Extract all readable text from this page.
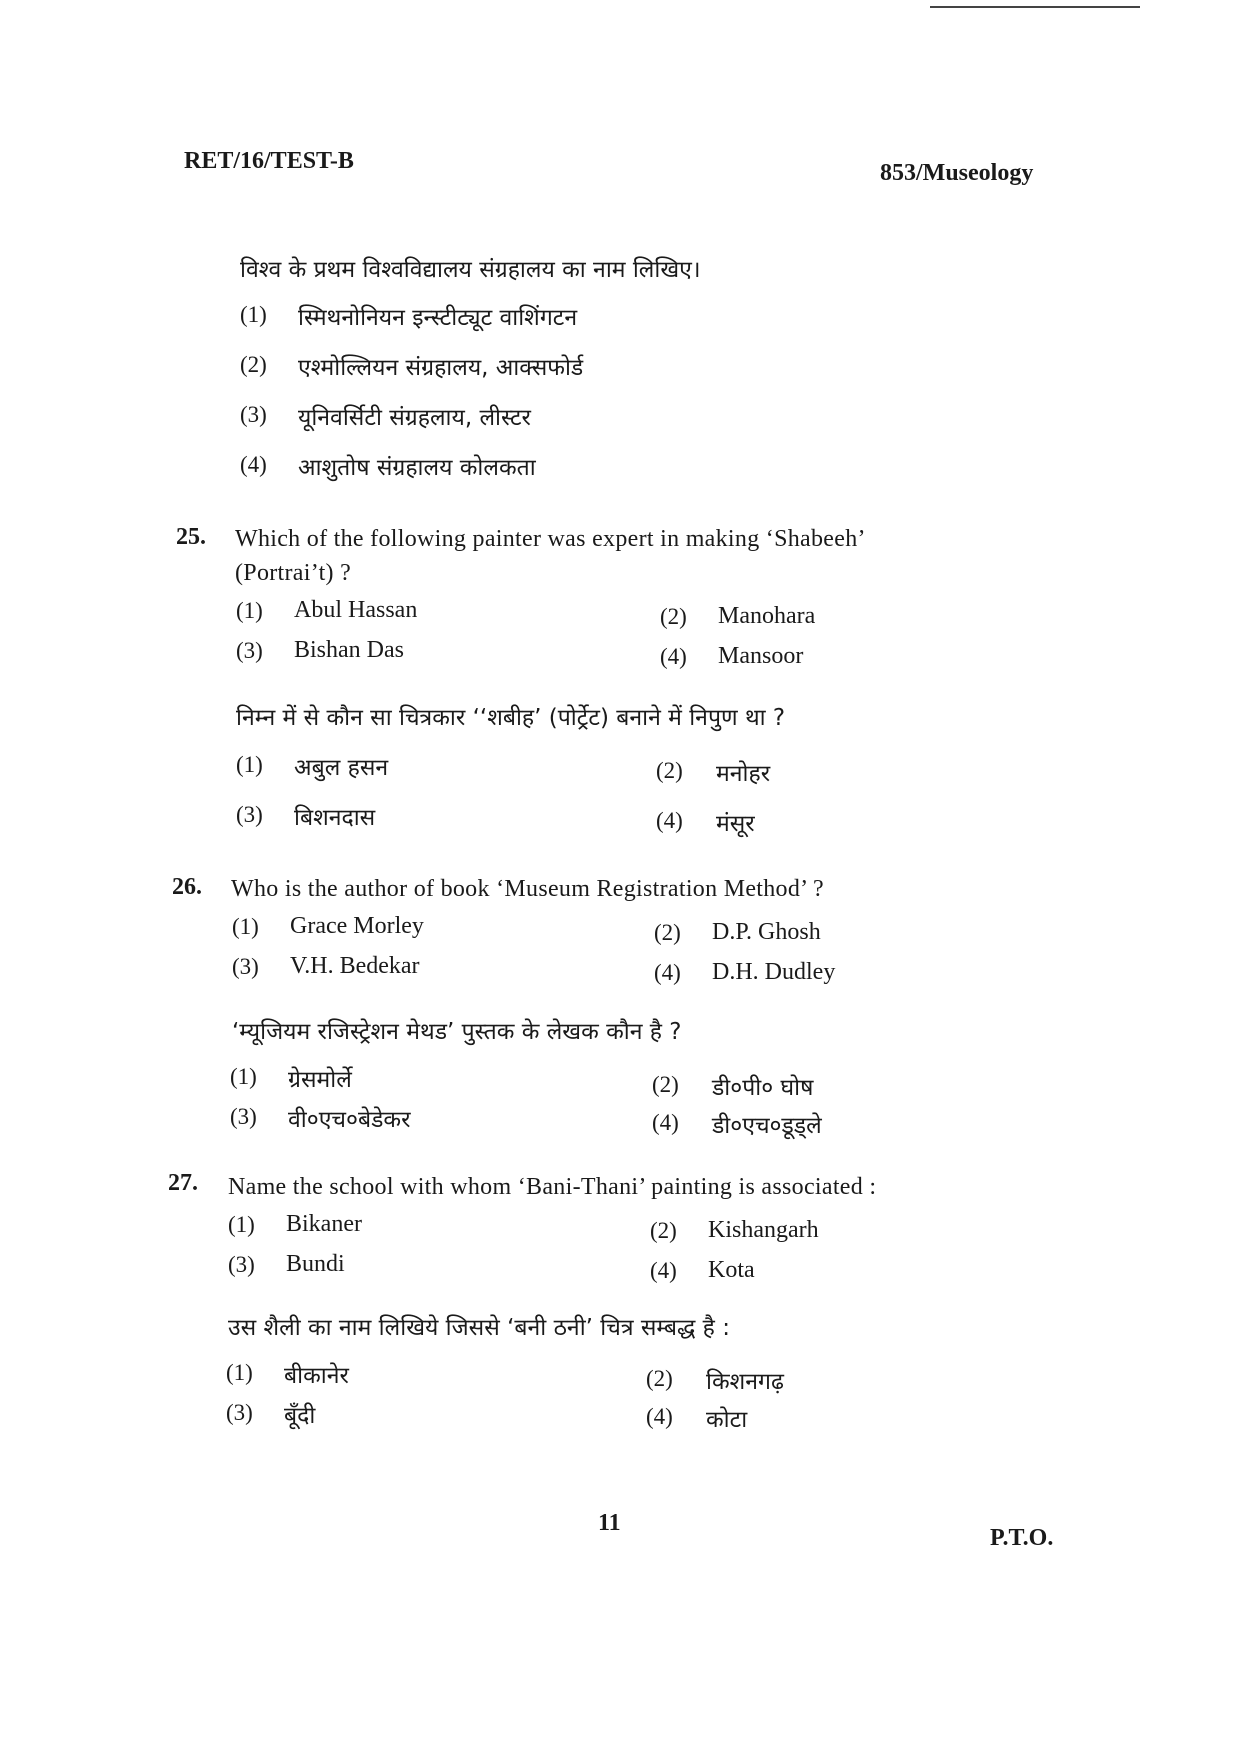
RET/16/TEST-B	853/Museology
विश्व के प्रथम विश्वविद्यालय संग्रहालय का नाम लिखिए।
(1) स्मिथनोनियन इन्स्टीट्यूट वाशिंगटन
(2) एश्मोल्लियन संग्रहालय, आक्सफोर्ड
(3) यूनिवर्सिटी संग्रहलाय, लीस्टर
(4) आशुतोष संग्रहालय कोलकता
25. Which of the following painter was expert in making ‘Shabeeh’
(Portrai’t) ?
(1) Abul Hassan	(2) Manohara
(3) Bishan Das	(4) Mansoor
निम्न में से कौन सा चित्रकार ‘‘शबीह’ (पोर्ट्रेट) बनाने में निपुण था ?
(1) अबुल हसन	(2) मनोहर
(3) बिशनदास	(4) मंसूर
26. Who is the author of book ‘Museum Registration Method’ ?
(1) Grace Morley	(2) D.P. Ghosh
(3) V.H. Bedekar	(4) D.H. Dudley
‘म्यूजियम रजिस्ट्रेशन मेथड’ पुस्तक के लेखक कौन है ?
(1) ग्रेसमोर्ले	(2) डी०पी० घोष
(3) वी०एच०बेडेकर	(4) डी०एच०डूड्ले
27. Name the school with whom ‘Bani-Thani’ painting is associated :
(1) Bikaner	(2) Kishangarh
(3) Bundi	(4) Kota
उस शैली का नाम लिखिये जिससे ‘बनी ठनी’ चित्र सम्बद्ध है :
(1) बीकानेर	(2) किशनगढ़
(3) बूँदी	(4) कोटा
11
P.T.O.
